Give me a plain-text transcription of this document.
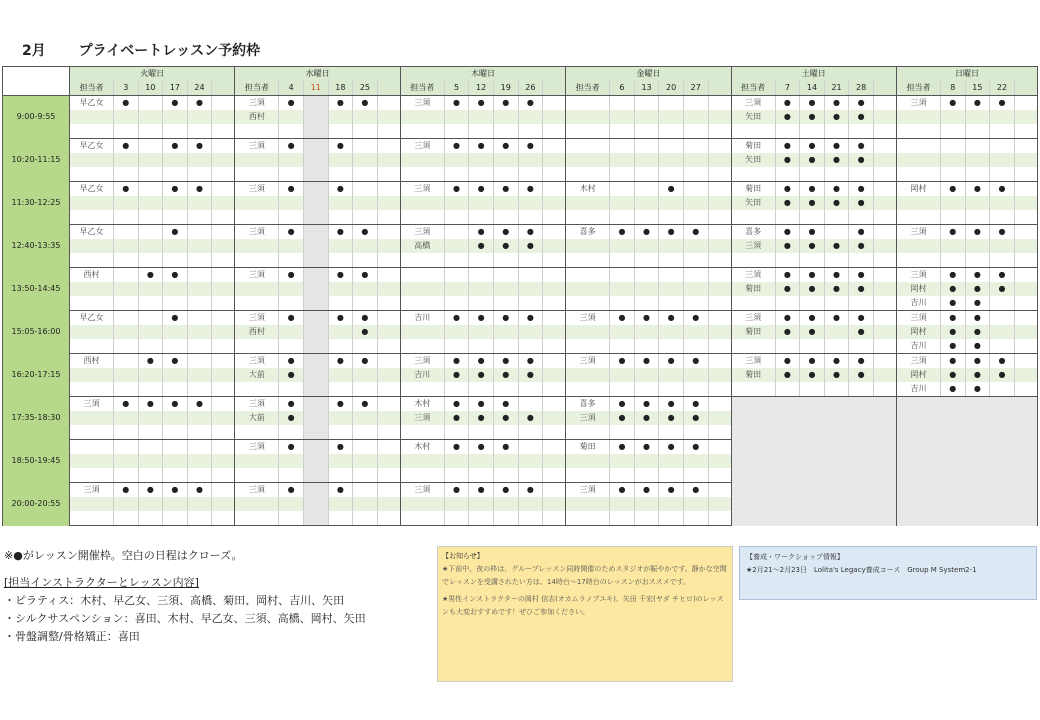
2月 プライベートレッスン予約枠
	火曜日						水曜日						木曜日						金曜日						土曜日						日曜日				
	担当者	3	10	17	24		担当者	4	11	18	25		担当者	5	12	19	26		担当者	6	13	20	27		担当者	7	14	21	28		担当者	8	15	22	
9:00-9:55	早乙女	●		●	●		三須	●		●	●		三須	●	●	●	●								三須	●	●	●	●		三須	●	●	●	
							西村																		矢田	●	●	●	●						

10:20-11:15	早乙女	●		●	●		三須	●		●			三須	●	●	●	●								菊田	●	●	●	●						
																									矢田	●	●	●	●						

11:30-12:25	早乙女	●		●	●		三須	●		●			三須	●	●	●	●		木村			●			菊田	●	●	●	●		岡村	●	●	●	
																									矢田	●	●	●	●						

12:40-13:35	早乙女			●			三須	●		●	●		三須		●	●	●		喜多	●	●	●	●		喜多	●	●		●		三須	●	●	●	
													高橋		●	●	●								三須	●	●	●	●						

13:50-14:45	西村		●	●			三須	●		●	●														三須	●	●	●	●		三須	●	●	●	
																									菊田	●	●	●	●		岡村	●	●	●	
																															吉川	●	●		
15:05-16:00	早乙女			●			三須	●		●	●		吉川	●	●	●	●		三須	●	●	●	●		三須	●	●	●	●		三須	●	●		
							西村				●														菊田	●	●		●		岡村	●	●		
																															吉川	●	●		
16:20-17:15	西村		●	●			三須	●		●	●		三須	●	●	●	●		三須	●	●	●	●		三須	●	●	●	●		三須	●	●	●	
							大前	●					吉川	●	●	●	●								菊田	●	●	●	●		岡村	●	●	●	
																															吉川	●	●		
17:35-18:30	三須	●	●	●	●		三須	●		●	●		木村	●	●	●			喜多	●	●	●	●												
							大前	●					三須	●	●	●	●		三須	●	●	●	●												

18:50-19:45							三須	●		●			木村	●	●	●			菊田	●	●	●	●												

20:00-20:55	三須	●	●	●	●		三須	●		●			三須	●	●	●	●		三須	●	●	●	●												

※●がレッスン開催枠。空白の日程はクローズ。
[担当インストラクターとレッスン内容]
・ピラティス：木村、早乙女、三須、高橋、菊田、岡村、吉川、矢田
・シルクサスペンション：喜田、木村、早乙女、三須、高橋、岡村、矢田
・骨盤調整/骨格矯正：喜田
【お知らせ】
★下前中、夜の枠は、グループレッスン同時開催のためスタジオが賑やかです。静かな空間でレッスンを受講されたい方は、14時台～17時台のレッスンがおススメです。
★男性インストラクターの岡村 信志(オカムラノブユキ)、矢田 千宏(ヤダ チヒロ)のレッスンも大変おすすめです！ぜひご参加ください。
【養成・ワークショップ情報】
★2月21～2月23日　Lolita's Legacy養成コース　Group M System2-1
